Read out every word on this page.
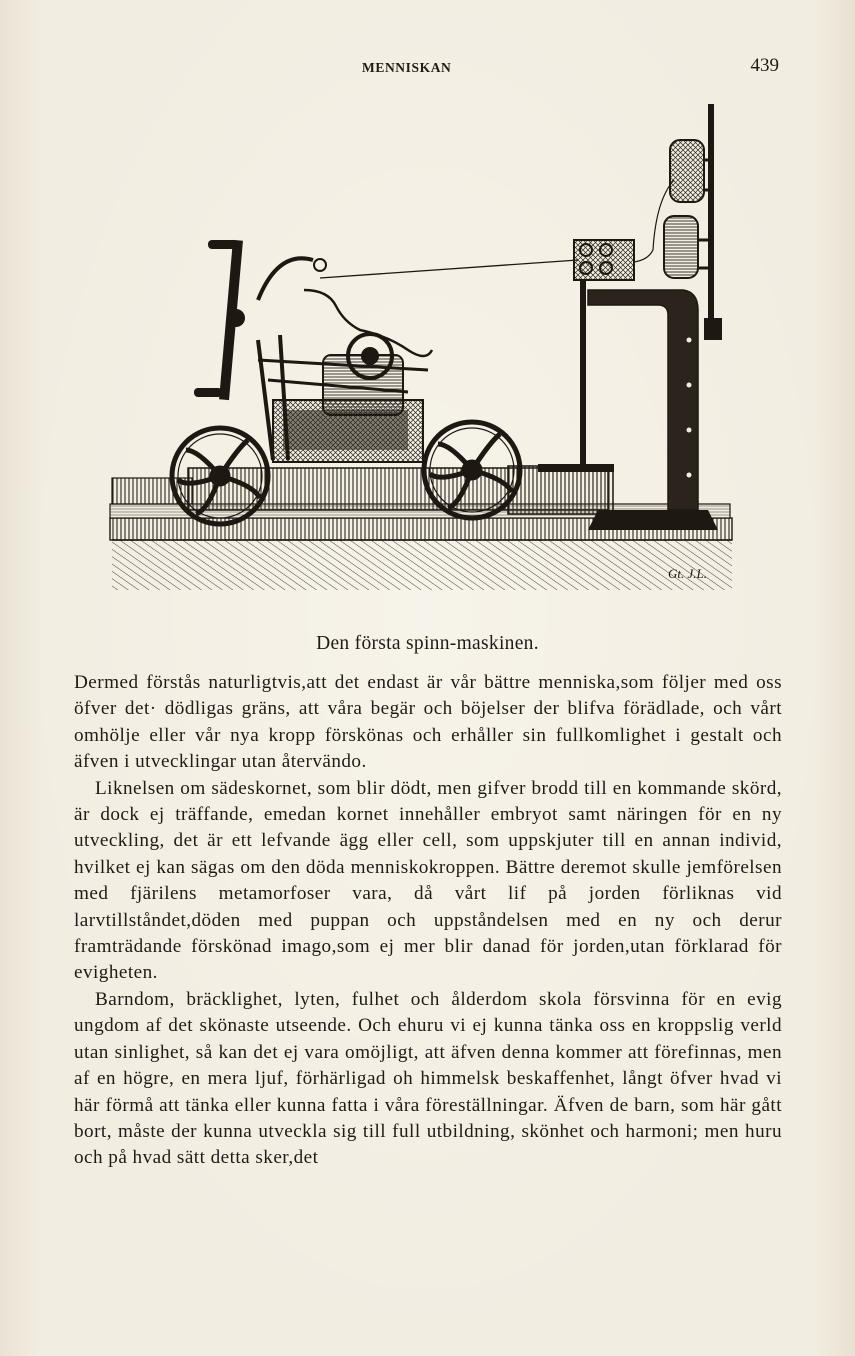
MENNISKAN	439
Gt. J.L.
Den första spinn-maskinen.

Dermed förstås naturligtvis,att det endast är vår bättre menniska,som följer med oss öfver det· dödligas gräns, att våra begär och böjelser der blifva förädlade, och vårt omhölje eller vår nya kropp förskönas och erhåller sin fullkomlighet i gestalt och äfven i utvecklingar utan återvändo.

Liknelsen om sädeskornet, som blir dödt, men gifver brodd till en kommande skörd, är dock ej träffande, emedan kornet innehåller embryot samt näringen för en ny utveckling, det är ett lefvande ägg eller cell, som uppskjuter till en annan individ, hvilket ej kan sägas om den döda menniskokroppen. Bättre deremot skulle jemförelsen med fjärilens metamorfoser vara, då vårt lif på jorden förliknas vid larvtillståndet,döden med puppan och uppståndelsen med en ny och derur framträdande förskönad imago,som ej mer blir danad för jorden,utan förklarad för evigheten.

Barndom, bräcklighet, lyten, fulhet och ålderdom skola försvinna för en evig ungdom af det skönaste utseende. Och ehuru vi ej kunna tänka oss en kroppslig verld utan sinlighet, så kan det ej vara omöjligt, att äfven denna kommer att förefinnas, men af en högre, en mera ljuf, förhärligad oh himmelsk beskaffenhet, långt öfver hvad vi här förmå att tänka eller kunna fatta i våra föreställningar. Äfven de barn, som här gått bort, måste der kunna utveckla sig till full utbildning, skönhet och harmoni; men huru och på hvad sätt detta sker,det
